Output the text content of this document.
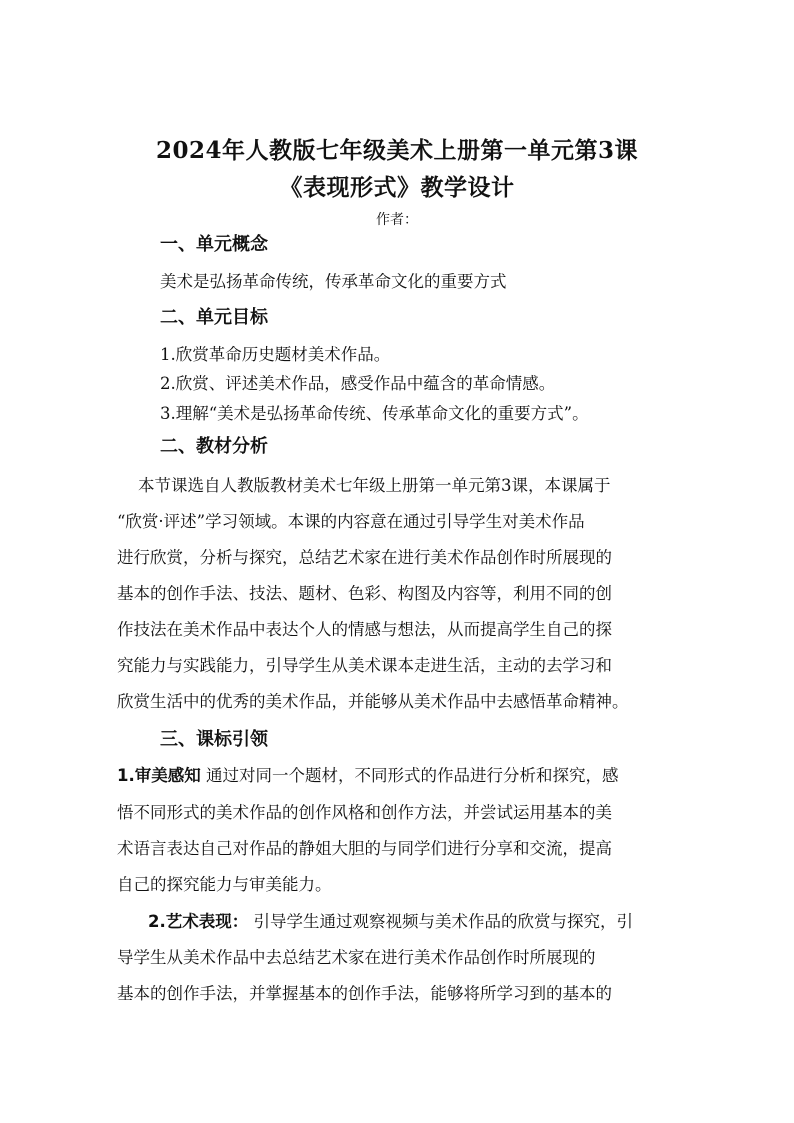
2024年人教版七年级美术上册第一单元第3课
《表现形式》教学设计
作者：
一、单元概念
美术是弘扬革命传统，传承革命文化的重要方式
二、单元目标
1.欣赏革命历史题材美术作品。
2.欣赏、评述美术作品，感受作品中蕴含的革命情感。
3.理解“美术是弘扬革命传统、传承革命文化的重要方式”。
二、教材分析
本节课选自人教版教材美术七年级上册第一单元第3课，本课属于
“欣赏·评述”学习领域。本课的内容意在通过引导学生对美术作品
进行欣赏，分析与探究，总结艺术家在进行美术作品创作时所展现的
基本的创作手法、技法、题材、色彩、构图及内容等，利用不同的创
作技法在美术作品中表达个人的情感与想法，从而提高学生自己的探
究能力与实践能力，引导学生从美术课本走进生活，主动的去学习和
欣赏生活中的优秀的美术作品，并能够从美术作品中去感悟革命精神。
三、课标引领
1.审美感知 通过对同一个题材，不同形式的作品进行分析和探究，感
悟不同形式的美术作品的创作风格和创作方法，并尝试运用基本的美
术语言表达自己对作品的静姐大胆的与同学们进行分享和交流，提高
自己的探究能力与审美能力。
2.艺术表现： 引导学生通过观察视频与美术作品的欣赏与探究，引
导学生从美术作品中去总结艺术家在进行美术作品创作时所展现的
基本的创作手法，并掌握基本的创作手法，能够将所学习到的基本的
